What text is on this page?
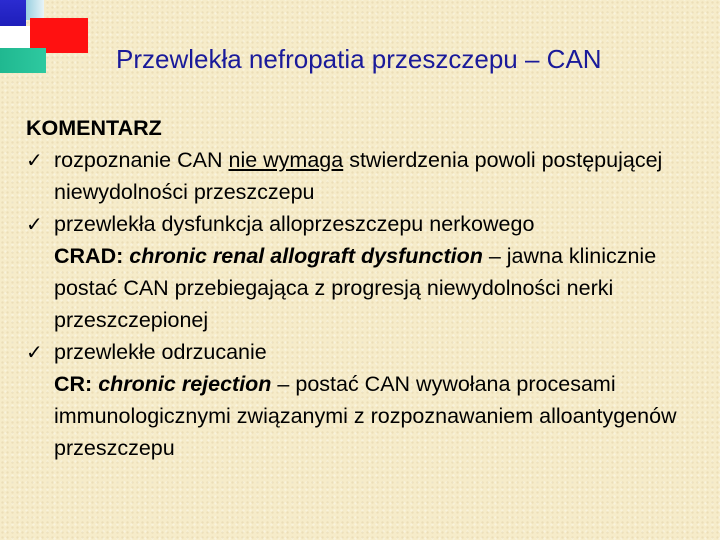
Przewlekła nefropatia przeszczepu – CAN
KOMENTARZ
✓ rozpoznanie CAN nie wymaga stwierdzenia powoli postępującej niewydolności przeszczepu
✓ przewlekła dysfunkcja alloprzeszczepu nerkowego
CRAD: chronic renal allograft dysfunction – jawna klinicznie postać CAN przebiegająca z progresją niewydolności nerki przeszczepionej
✓ przewlekłe odrzucanie
CR: chronic rejection – postać CAN wywołana procesami immunologicznymi związanymi z rozpoznawaniem alloantygenów przeszczepu
